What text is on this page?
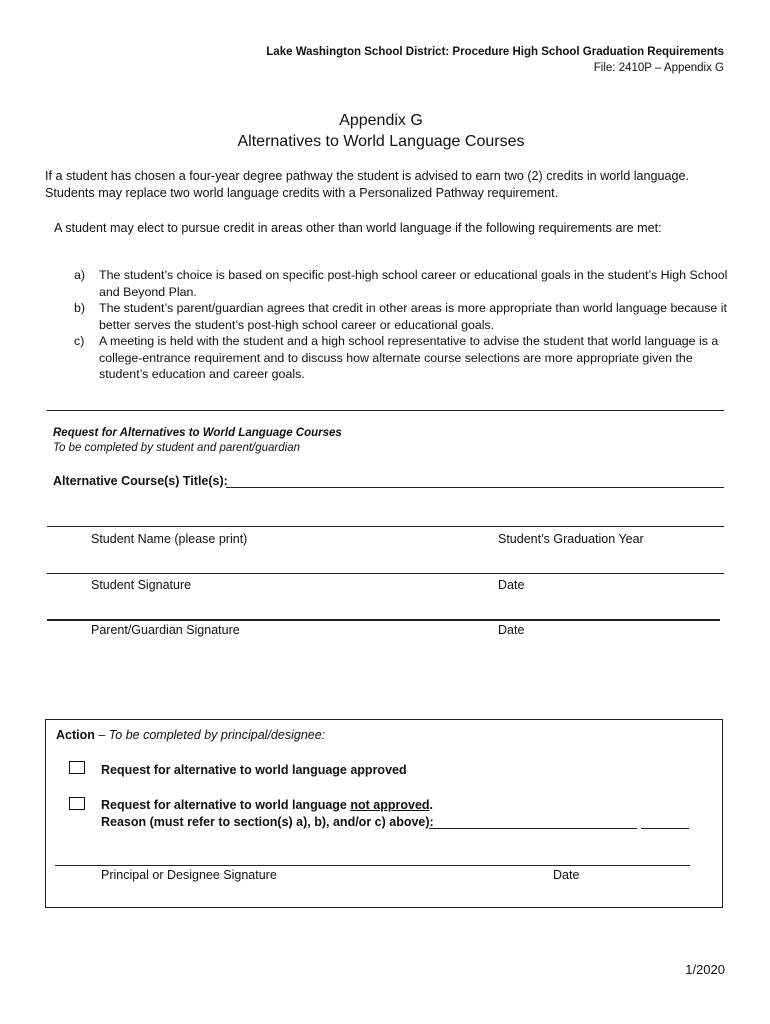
Lake Washington School District: Procedure High School Graduation Requirements
File: 2410P – Appendix G
Appendix G
Alternatives to World Language Courses
If a student has chosen a four-year degree pathway the student is advised to earn two (2) credits in world language. Students may replace two world language credits with a Personalized Pathway requirement.
A student may elect to pursue credit in areas other than world language if the following requirements are met:
a) The student’s choice is based on specific post-high school career or educational goals in the student’s High School and Beyond Plan.
b) The student’s parent/guardian agrees that credit in other areas is more appropriate than world language because it better serves the student’s post-high school career or educational goals.
c) A meeting is held with the student and a high school representative to advise the student that world language is a college-entrance requirement and to discuss how alternate course selections are more appropriate given the student’s education and career goals.
Request for Alternatives to World Language Courses
To be completed by student and parent/guardian
Alternative Course(s) Title(s):
Student Name (please print)	Student’s Graduation Year
Student Signature	Date
Parent/Guardian Signature	Date
Action – To be completed by principal/designee:
Request for alternative to world language approved
Request for alternative to world language not approved.
Reason (must refer to section(s) a), b), and/or c) above):
Principal or Designee Signature	Date
1/2020
